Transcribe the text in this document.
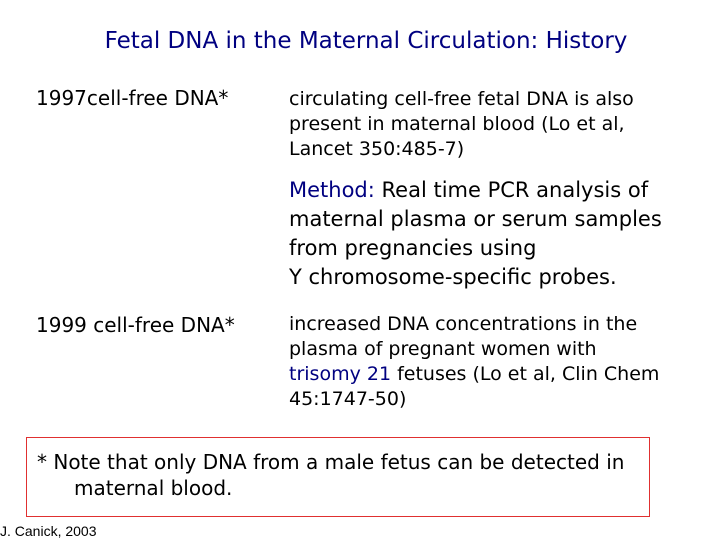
Fetal DNA in the Maternal Circulation: History
1997cell-free DNA*	circulating cell-free fetal DNA is also
present in maternal blood (Lo et al,
Lancet 350:485-7)
Method: Real time PCR analysis of
maternal plasma or serum samples
from pregnancies using
Y chromosome-specific probes.
1999 cell-free DNA*	increased DNA concentrations in the
plasma of pregnant women with
trisomy 21 fetuses (Lo et al, Clin Chem
45:1747-50)
* Note that only DNA from a male fetus can be detected in
maternal blood.
J. Canick, 2003
